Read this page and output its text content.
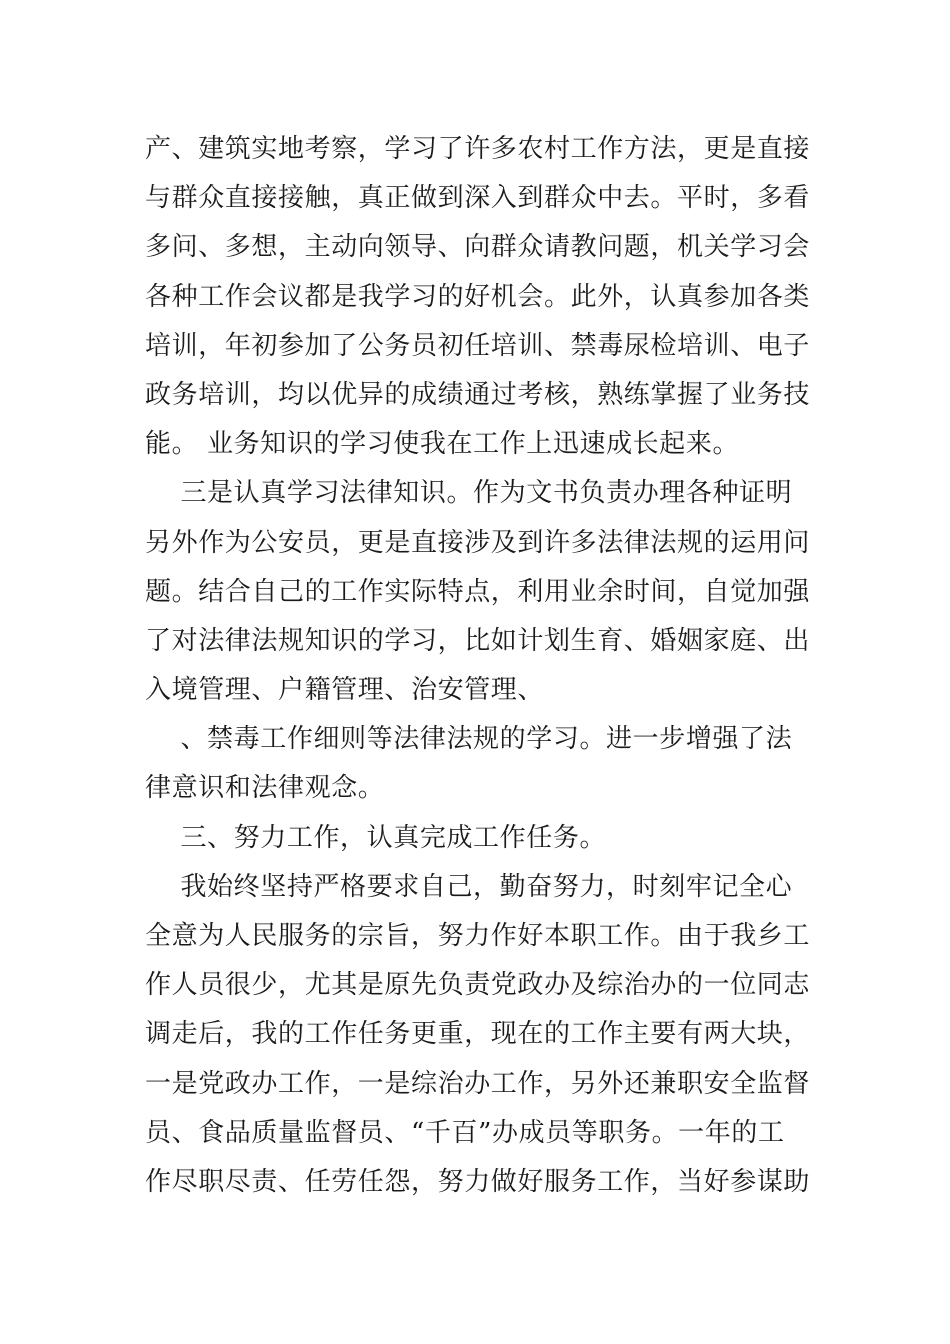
产、建筑实地考察，学习了许多农村工作方法，更是直接
与群众直接接触，真正做到深入到群众中去。平时，多看
多问、多想，主动向领导、向群众请教问题，机关学习会
各种工作会议都是我学习的好机会。此外，认真参加各类
培训，年初参加了公务员初任培训、禁毒尿检培训、电子
政务培训，均以优异的成绩通过考核，熟练掌握了业务技
能。 业务知识的学习使我在工作上迅速成长起来。
三是认真学习法律知识。作为文书负责办理各种证明
另外作为公安员，更是直接涉及到许多法律法规的运用问
题。结合自己的工作实际特点，利用业余时间，自觉加强
了对法律法规知识的学习，比如计划生育、婚姻家庭、出
入境管理、户籍管理、治安管理、
、禁毒工作细则等法律法规的学习。进一步增强了法
律意识和法律观念。
三、努力工作，认真完成工作任务。
我始终坚持严格要求自己，勤奋努力，时刻牢记全心
全意为人民服务的宗旨，努力作好本职工作。由于我乡工
作人员很少，尤其是原先负责党政办及综治办的一位同志
调走后，我的工作任务更重，现在的工作主要有两大块，
一是党政办工作，一是综治办工作，另外还兼职安全监督
员、食品质量监督员、“千百”办成员等职务。一年的工
作尽职尽责、任劳任怨，努力做好服务工作，当好参谋助
